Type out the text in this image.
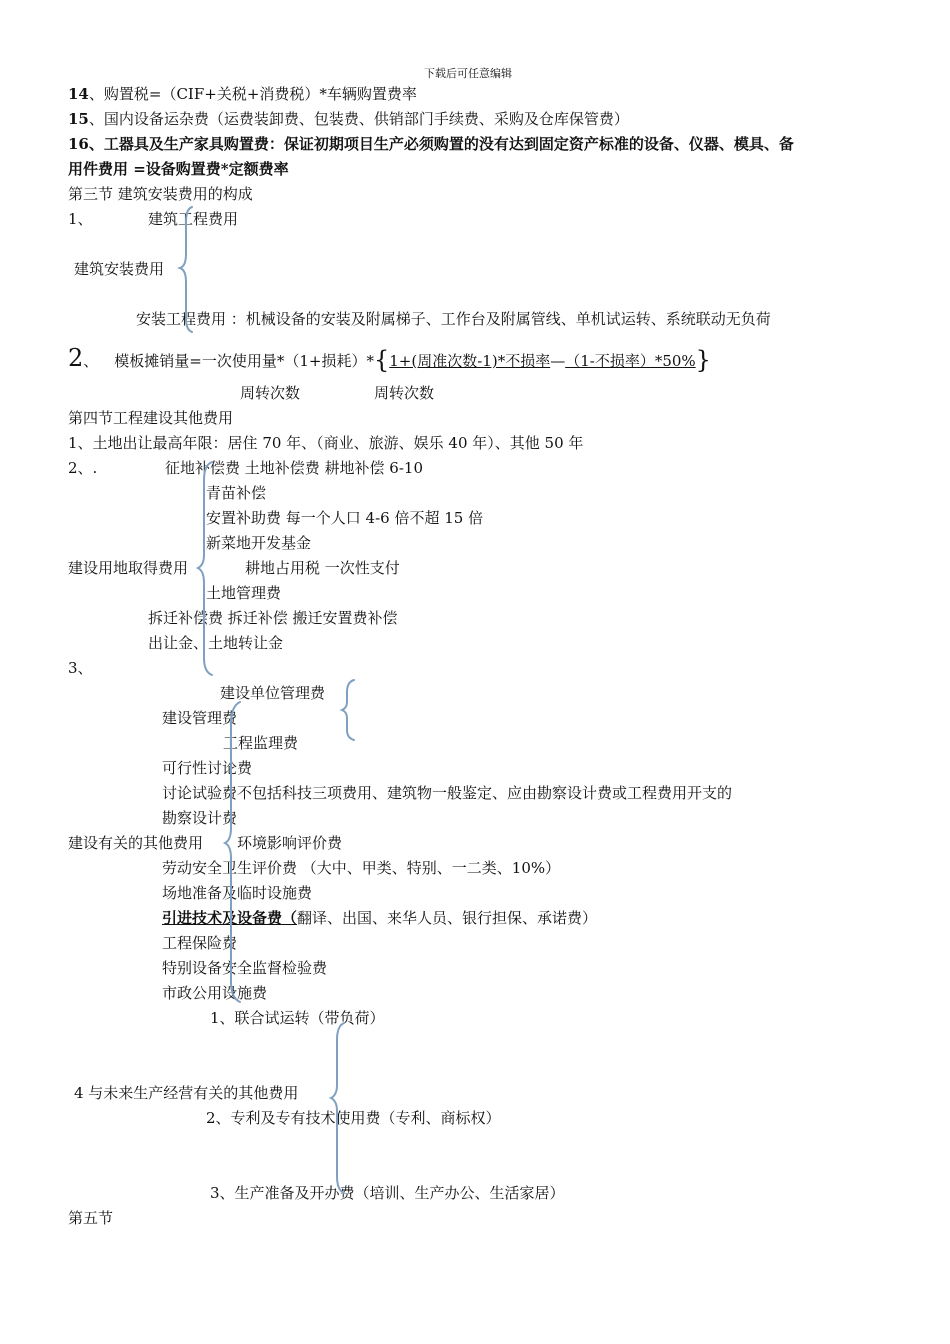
下载后可任意编辑
14、购置税=（CIF+关税+消费税）*车辆购置费率
15、国内设备运杂费（运费装卸费、包装费、供销部门手续费、采购及仓库保管费）
16、工器具及生产家具购置费：保证初期项目生产必须购置的没有达到固定资产标准的设备、仪器、模具、备
用件费用 =设备购置费*定额费率
第三节 建筑安装费用的构成
1、	建筑工程费用
建筑安装费用
安装工程费用 ：机械设备的安装及附属梯子、工作台及附属管线、单机试运转、系统联动无负荷
2、 模板摊销量=一次使用量*（1+损耗）*{1+(周准次数-1)*不损率—（1-不损率）*50%}
周转次数	周转次数
第四节工程建设其他费用
1、土地出让最高年限：居住 70 年、（商业、旅游、娱乐 40 年）、其他 50 年
2、.	征地补偿费 土地补偿费 耕地补偿 6-10
青苗补偿
安置补助费 每一个人口 4-6 倍不超 15 倍
新菜地开发基金
建设用地取得费用	耕地占用税 一次性支付
土地管理费
拆迁补偿费 拆迁补偿 搬迁安置费补偿
出让金、土地转让金
3、
建设单位管理费
建设管理费
工程监理费
可行性讨论费
讨论试验费不包括科技三项费用、建筑物一般鉴定、应由勘察设计费或工程费用开支的
勘察设计费
建设有关的其他费用 环境影响评价费
劳动安全卫生评价费 （大中、甲类、特别、一二类、10%）
场地准备及临时设施费
引进技术及设备费（翻译、出国、来华人员、银行担保、承诺费）
工程保险费
特别设备安全监督检验费
市政公用设施费
1、联合试运转（带负荷）
4 与未来生产经营有关的其他费用
2、专利及专有技术使用费（专利、商标权）
3、生产准备及开办费（培训、生产办公、生活家居）
第五节
